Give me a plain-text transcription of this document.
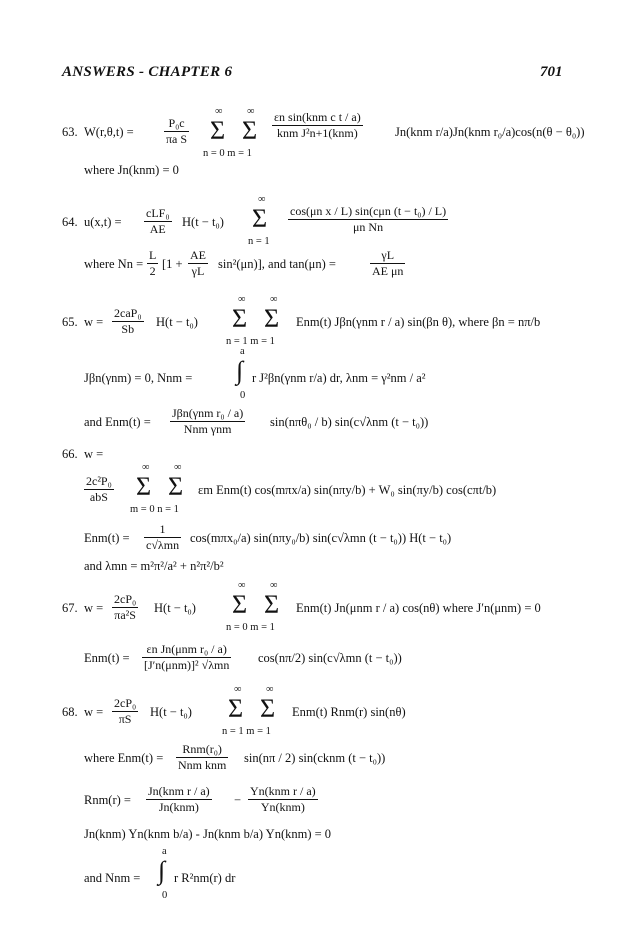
ANSWERS - CHAPTER 6	701
63. W(r,θ,t) =	$\frac{\text{P₀c}}{\text{πa S}}$
∞
Σ
∞
Σ
n = 0 m = 1
εn sin(knm c t / a)
knm J²n+1(knm)	Jn(knm r/a)Jn(knm r₀/a)cos(n(θ − θ₀))
where Jn(knm) = 0
64. u(x,t) =
cLF₀
AE	H(t − t₀)
∞
Σ
n = 1
cos(μn x / L) sin(cμn (t − t₀) / L)
μn Nn
where $Nn = \frac{L}{2} [1 + \frac{AE}{\gamma L} \sin^2(\mu n)]$, and tan(μn) =	$\frac{\gamma L}{\text{AE μn}}$
65. w =
2caP₀
Sb	H(t − t₀)
∞
Σ
∞
Σ
n = 1 m = 1
Enm(t) Jβn(γnm r / a) sin(βn θ), where βn = nπ/b
Jβn(γnm) = 0, Nnm =
a
∫
0
r J²βn(γnm r/a) dr, λnm = γ²nm / a²
and Enm(t) =
Jβn(γnm r₀ / a)
Nnm γnm	sin(nπθ₀ / b) sin(c√λnm (t − t₀))
66. w =
2c²P₀
abS
∞
Σ
∞
Σ
m = 0 n = 1
εm Enm(t) cos(mπx/a) sin(nπy/b) + W₀ sin(πy/b) cos(cπt/b)
Enm(t) =
1
c√λmn cos(mπx₀/a) sin(nπy₀/b) sin(c√λmn (t − t₀)) H(t − t₀)
and λmn = m²π²/a² + n²π²/b²
67. $w = \frac{\text{2cP₀}}{\text{πa²S}} H(t - t_0)$
∞
Σ
∞
Σ
n = 0 m = 1
Enm(t) Jn(μnm r / a) cos(nθ) where J′n(μnm) = 0
Enm(t) =
εn Jn(μnm r₀ / a)
[J′n(μnm)]² √λmn cos(nπ/2) sin(c√λmn (t − t₀))
68. $w = \frac{\text{2cP₀}}{\pi S} H(t - t_0)$
∞
Σ
∞
Σ
n = 1 m = 1
Enm(t) Rnm(r) sin(nθ)
where Enm(t) =
Rnm(r₀)
Nnm knm sin(nπ / 2) sin(cknm (t − t₀))
Rnm(r) =
Jn(knm r / a)
Jn(knm)	−
Yn(knm r / a)
Yn(knm)
Jn(knm) Yn(knm b/a) - Jn(knm b/a) Yn(knm) = 0
and Nnm =
a
∫
0
r R²nm(r) dr
